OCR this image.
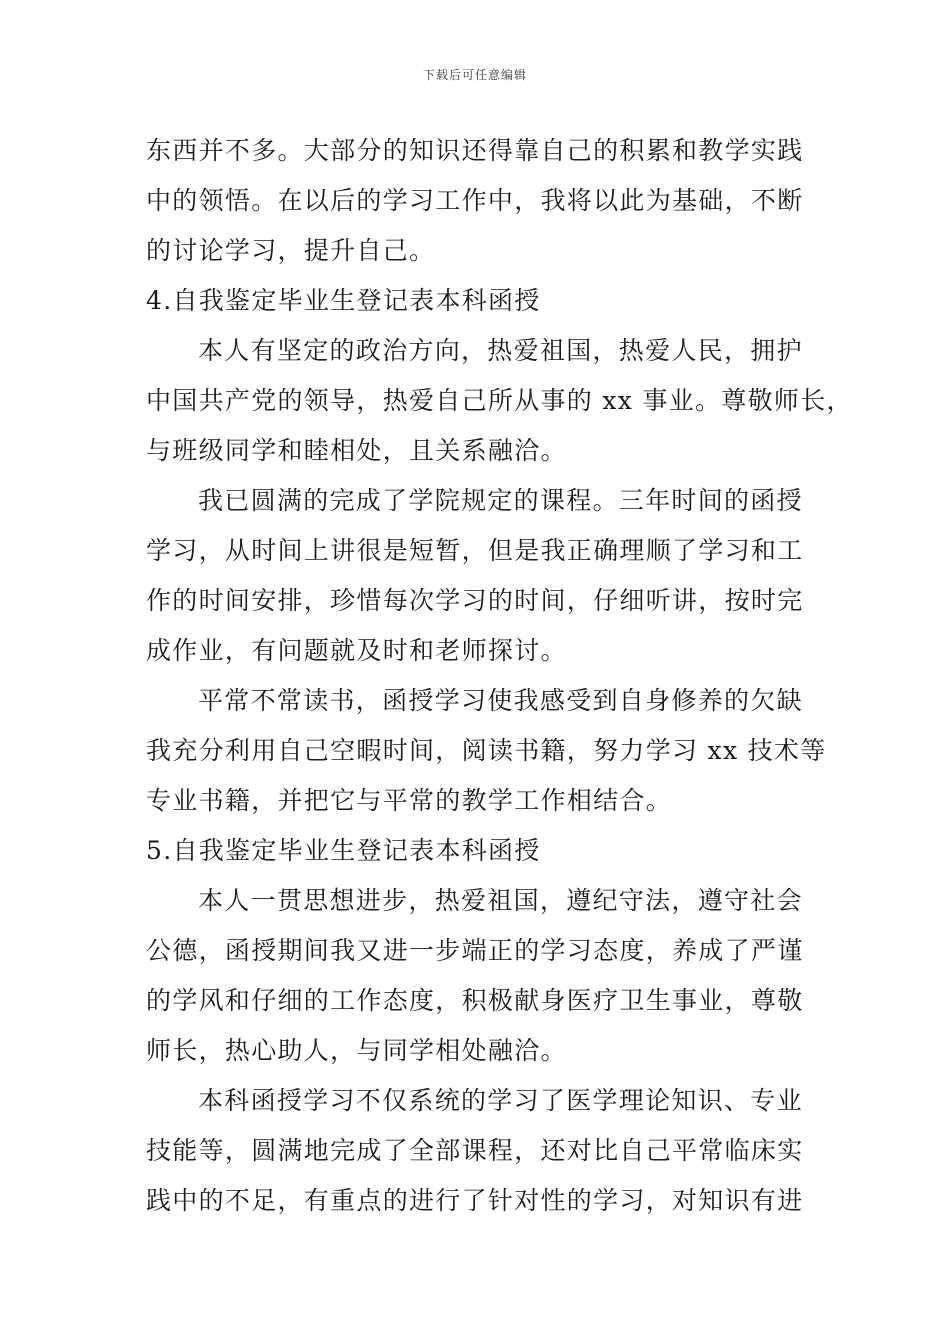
下载后可任意编辑
东西并不多。大部分的知识还得靠自己的积累和教学实践
中的领悟。在以后的学习工作中，我将以此为基础，不断
的讨论学习，提升自己。
4.自我鉴定毕业生登记表本科函授
本人有坚定的政治方向，热爱祖国，热爱人民，拥护
中国共产党的领导，热爱自己所从事的 xx 事业。尊敬师长，
与班级同学和睦相处，且关系融洽。
我已圆满的完成了学院规定的课程。三年时间的函授
学习，从时间上讲很是短暂，但是我正确理顺了学习和工
作的时间安排，珍惜每次学习的时间，仔细听讲，按时完
成作业，有问题就及时和老师探讨。
平常不常读书，函授学习使我感受到自身修养的欠缺
我充分利用自己空暇时间，阅读书籍，努力学习 xx 技术等
专业书籍，并把它与平常的教学工作相结合。
5.自我鉴定毕业生登记表本科函授
本人一贯思想进步，热爱祖国，遵纪守法，遵守社会
公德，函授期间我又进一步端正的学习态度，养成了严谨
的学风和仔细的工作态度，积极献身医疗卫生事业，尊敬
师长，热心助人，与同学相处融洽。
本科函授学习不仅系统的学习了医学理论知识、专业
技能等，圆满地完成了全部课程，还对比自己平常临床实
践中的不足，有重点的进行了针对性的学习，对知识有进
